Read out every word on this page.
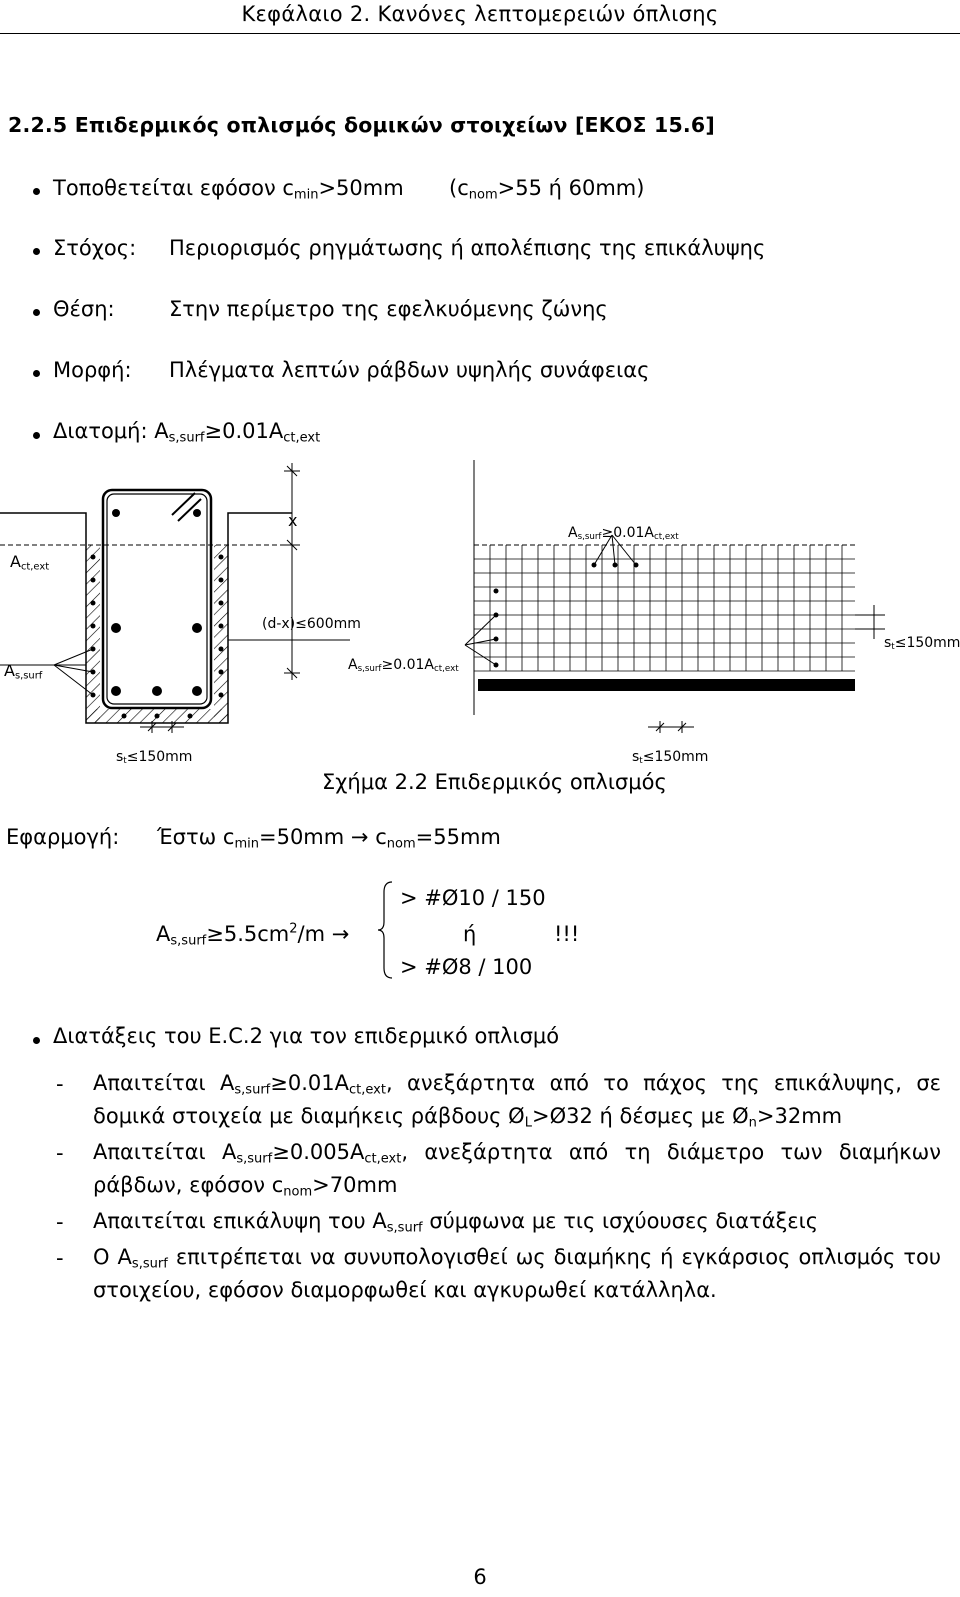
Κεφάλαιο 2. Κανόνες λεπτομερειών όπλισης
2.2.5 Επιδερμικός οπλισμός δομικών στοιχείων [ΕΚΟΣ 15.6]
Τοποθετείται εφόσον $c_{min}>50mm$ ($c_{nom}>55$ ή 60mm)
Στόχος: Περιορισμός ρηγμάτωσης ή απολέπισης της επικάλυψης
Θέση:	Στην περίμετρο της εφελκυόμενης ζώνης
Μορφή: Πλέγματα λεπτών ράβδων υψηλής συνάφειας
Διατομή: $A_{s,surf}\ge 0.01A_{ct,ext}$
$A_{ct,ext}$
$A_{s,surf}$
x
(d-x)≤600mm
$A_{s,surf}\ge 0.01A_{ct,ext}$
$A_{s,surf}\ge 0.01A_{ct,ext}$
$s_t\le 150mm$	$s_t\le 150mm$
$s_t\le 150mm$
Σχήμα 2.2 Επιδερμικός οπλισμός
Εφαρμογή: Έστω $c_{min}=50mm \to c_{nom}=55mm$
$A_{s,surf}\ge 5.5cm^2/m$ →
> #Ø10 / 150
ή
> #Ø8 / 100
!!!
Διατάξεις του E.C.2 για τον επιδερμικό οπλισμό
- Απαιτείται $A_{s,surf}\ge 0.01A_{ct,ext}$, ανεξάρτητα από το πάχος της επικάλυψης, σε δομικά στοιχεία με διαμήκεις ράβδους $Ø_L>Ø32$ ή δέσμες με $Ø_n>32mm$
- Απαιτείται $A_{s,surf}\ge 0.005A_{ct,ext}$, ανεξάρτητα από τη διάμετρο των διαμήκων ράβδων, εφόσον $c_{nom}>70mm$
- Απαιτείται επικάλυψη του $A_{s,surf}$ σύμφωνα με τις ισχύουσες διατάξεις
- Ο $A_{s,surf}$ επιτρέπεται να συνυπολογισθεί ως διαμήκης ή εγκάρσιος οπλισμός του στοιχείου, εφόσον διαμορφωθεί και αγκυρωθεί κατάλληλα.
6
